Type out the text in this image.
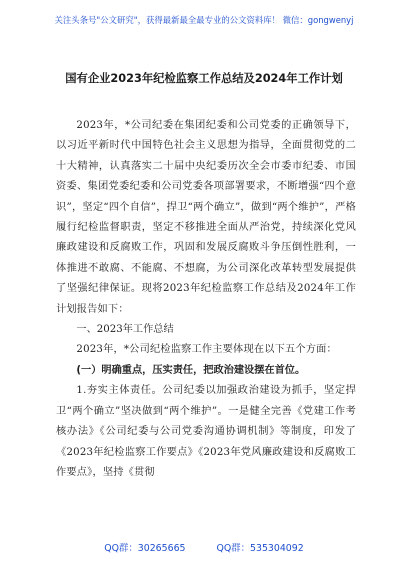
关注头条号"公文研究"，获得最新最全最专业的公文资料库！ 微信：gongwenyj
国有企业2023年纪检监察工作总结及2024年工作计划

2023年，*公司纪委在集团纪委和公司党委的正确领导下，以习近平新时代中国特色社会主义思想为指导，全面贯彻党的二十大精神，认真落实二十届中央纪委历次全会市委市纪委、市国资委、集团党委纪委和公司党委各项部署要求，不断增强“四个意识”，坚定“四个自信”，捍卫“两个确立”，做到“两个维护”，严格履行纪检监督职责，坚定不移推进全面从严治党，持续深化党风廉政建设和反腐败工作，巩固和发展反腐败斗争压倒性胜利，一体推进不敢腐、不能腐、不想腐，为公司深化改革转型发展提供了坚强纪律保证。现将2023年纪检监察工作总结及2024年工作计划报告如下：

一、2023年工作总结

2023年，*公司纪检监察工作主要体现在以下五个方面：

(一）明确重点，压实责任，把政治建设摆在首位。

1.夯实主体责任。公司纪委以加强政治建设为抓手，坚定捍卫“两个确立”坚决做到“两个维护”。一是健全完善《党建工作考核办法》《公司纪委与公司党委沟通协调机制》等制度，印发了《2023年纪检监察工作要点》《2023年党风廉政建设和反腐败工作要点》，坚持《贯彻

QQ群：30265665	QQ群：535304092
